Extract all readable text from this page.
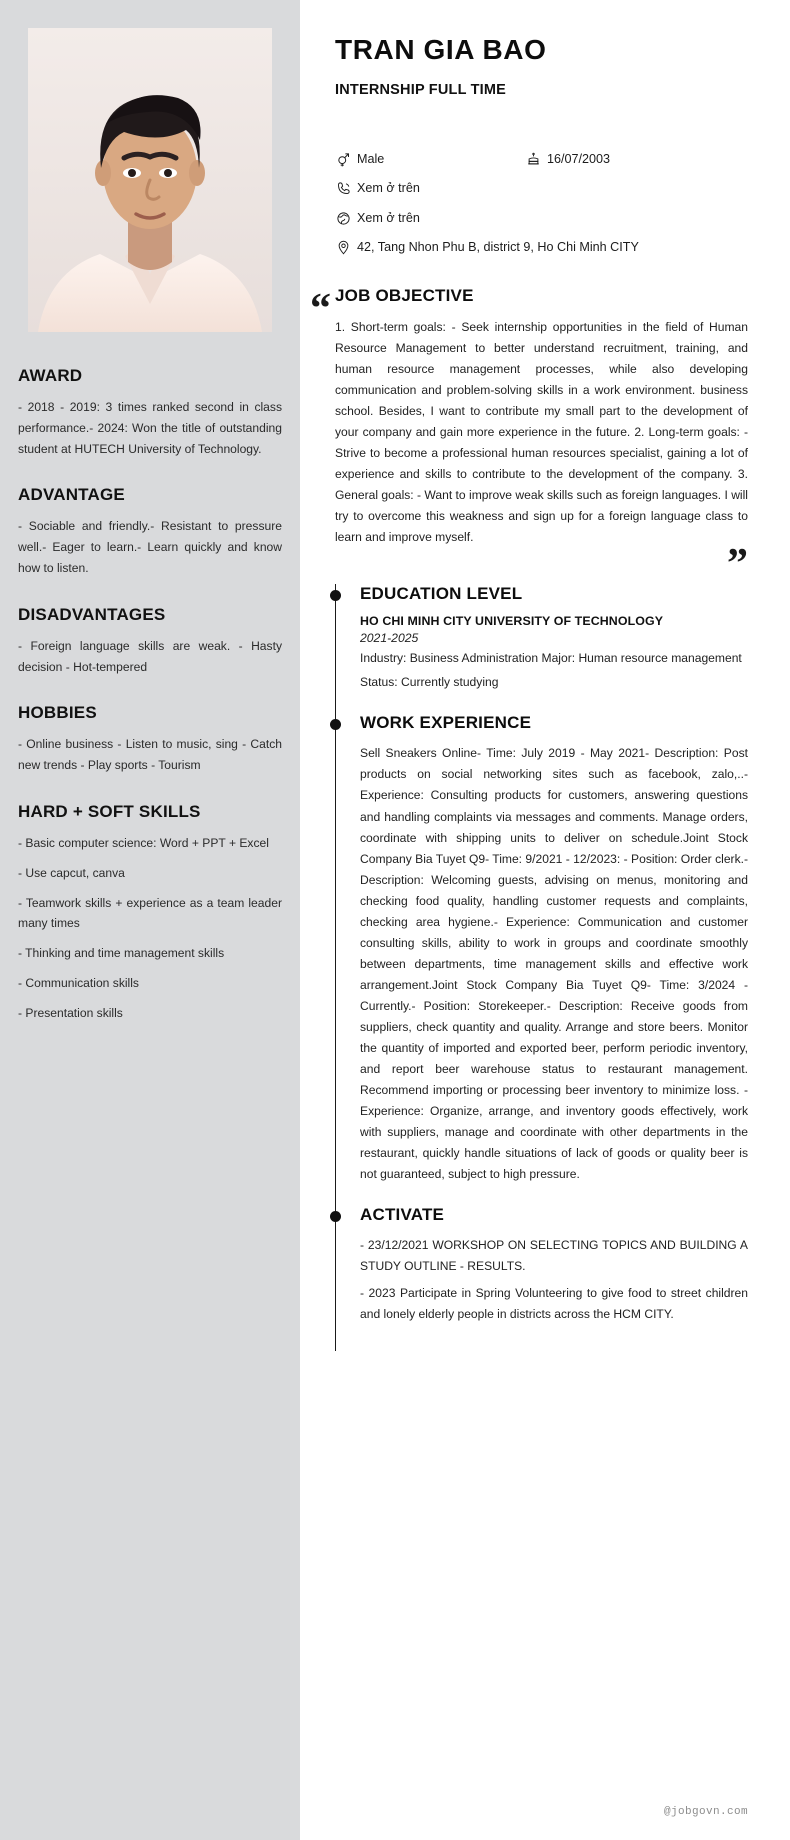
AWARD

- 2018 - 2019: 3 times ranked second in class performance.- 2024: Won the title of outstanding student at HUTECH University of Technology.

ADVANTAGE

- Sociable and friendly.- Resistant to pressure well.- Eager to learn.- Learn quickly and know how to listen.

DISADVANTAGES

- Foreign language skills are weak. - Hasty decision - Hot-tempered

HOBBIES

- Online business - Listen to music, sing - Catch new trends - Play sports - Tourism

HARD + SOFT SKILLS
- Basic computer science: Word + PPT + Excel
- Use capcut, canva
- Teamwork skills + experience as a team leader many times
- Thinking and time management skills
- Communication skills
- Presentation skills
TRAN GIA BAO
INTERNSHIP FULL TIME
Male	16/07/2003
Xem ở trên
Xem ở trên
42, Tang Nhon Phu B, district 9, Ho Chi Minh CITY
“ JOB OBJECTIVE

1. Short-term goals: - Seek internship opportunities in the field of Human Resource Management to better understand recruitment, training, and human resource management processes, while also developing communication and problem-solving skills in a work environment. business school. Besides, I want to contribute my small part to the development of your company and gain more experience in the future. 2. Long-term goals: - Strive to become a professional human resources specialist, gaining a lot of experience and skills to contribute to the development of the company. 3. General goals: - Want to improve weak skills such as foreign languages. I will try to overcome this weakness and sign up for a foreign language class to learn and improve myself.

”
EDUCATION LEVEL
HO CHI MINH CITY UNIVERSITY OF TECHNOLOGY
2021-2025
Industry: Business Administration Major: Human resource management
Status: Currently studying
WORK EXPERIENCE

Sell Sneakers Online- Time: July 2019 - May 2021- Description: Post products on social networking sites such as facebook, zalo,..- Experience: Consulting products for customers, answering questions and handling complaints via messages and comments. Manage orders, coordinate with shipping units to deliver on schedule.Joint Stock Company Bia Tuyet Q9- Time: 9/2021 - 12/2023: - Position: Order clerk.- Description: Welcoming guests, advising on menus, monitoring and checking food quality, handling customer requests and complaints, checking area hygiene.- Experience: Communication and customer consulting skills, ability to work in groups and coordinate smoothly between departments, time management skills and effective work arrangement.Joint Stock Company Bia Tuyet Q9- Time: 3/2024 - Currently.- Position: Storekeeper.- Description: Receive goods from suppliers, check quantity and quality. Arrange and store beers. Monitor the quantity of imported and exported beer, perform periodic inventory, and report beer warehouse status to restaurant management. Recommend importing or processing beer inventory to minimize loss. - Experience: Organize, arrange, and inventory goods effectively, work with suppliers, manage and coordinate with other departments in the restaurant, quickly handle situations of lack of goods or quality beer is not guaranteed, subject to high pressure.

ACTIVATE

- 23/12/2021 WORKSHOP ON SELECTING TOPICS AND BUILDING A STUDY OUTLINE - RESULTS.

- 2023 Participate in Spring Volunteering to give food to street children and lonely elderly people in districts across the HCM CITY.

@jobgovn.com
